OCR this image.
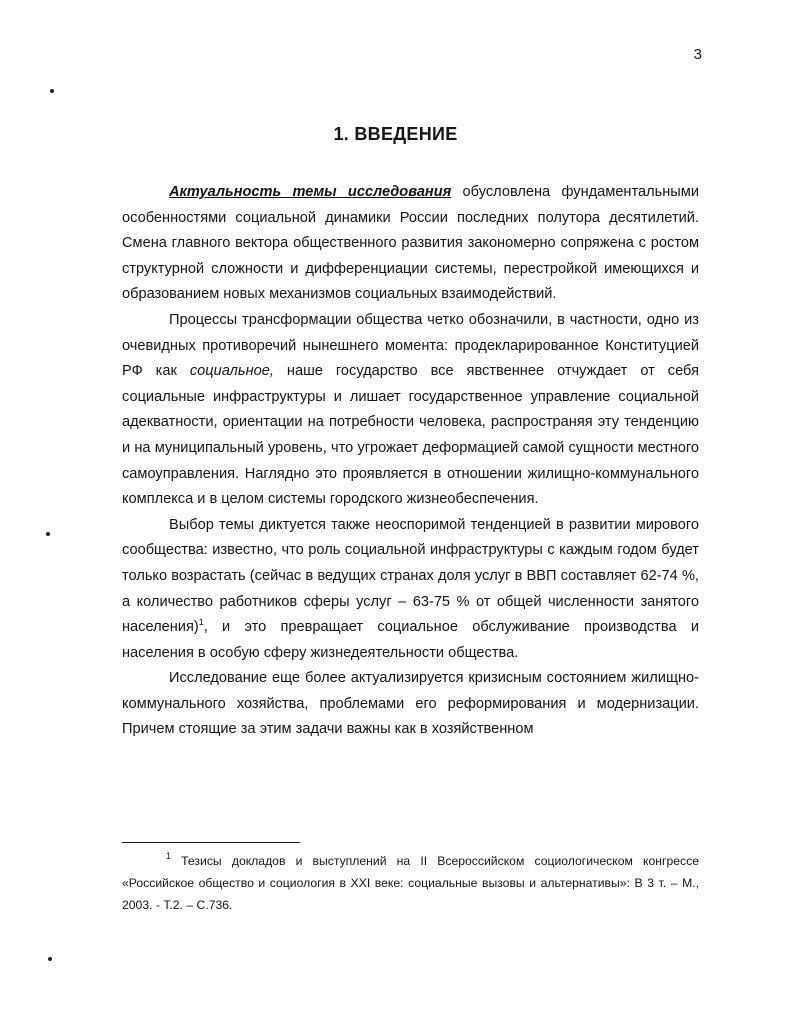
3
1. ВВЕДЕНИЕ

Актуальность темы исследования обусловлена фундаментальными особенностями социальной динамики России последних полутора десятилетий. Смена главного вектора общественного развития закономерно сопряжена с ростом структурной сложности и дифференциации системы, перестройкой имеющихся и образованием новых механизмов социальных взаимодействий.

Процессы трансформации общества четко обозначили, в частности, одно из очевидных противоречий нынешнего момента: продекларированное Конституцией РФ как социальное, наше государство все явственнее отчуждает от себя социальные инфраструктуры и лишает государственное управление социальной адекватности, ориентации на потребности человека, распространяя эту тенденцию и на муниципальный уровень, что угрожает деформацией самой сущности местного самоуправления. Наглядно это проявляется в отношении жилищно-коммунального комплекса и в целом системы городского жизнеобеспечения.

Выбор темы диктуется также неоспоримой тенденцией в развитии мирового сообщества: известно, что роль социальной инфраструктуры с каждым годом будет только возрастать (сейчас в ведущих странах доля услуг в ВВП составляет 62-74 %, а количество работников сферы услуг – 63-75 % от общей численности занятого населения)$^1$, и это превращает социальное обслуживание производства и населения в особую сферу жизнедеятельности общества.

Исследование еще более актуализируется кризисным состоянием жилищно-коммунального хозяйства, проблемами его реформирования и модернизации. Причем стоящие за этим задачи важны как в хозяйственном

$^1$ Тезисы докладов и выступлений на II Всероссийском социологическом конгрессе «Российское общество и социология в XXI веке: социальные вызовы и альтернативы»: В 3 т. – М., 2003. - Т.2. – С.736.
